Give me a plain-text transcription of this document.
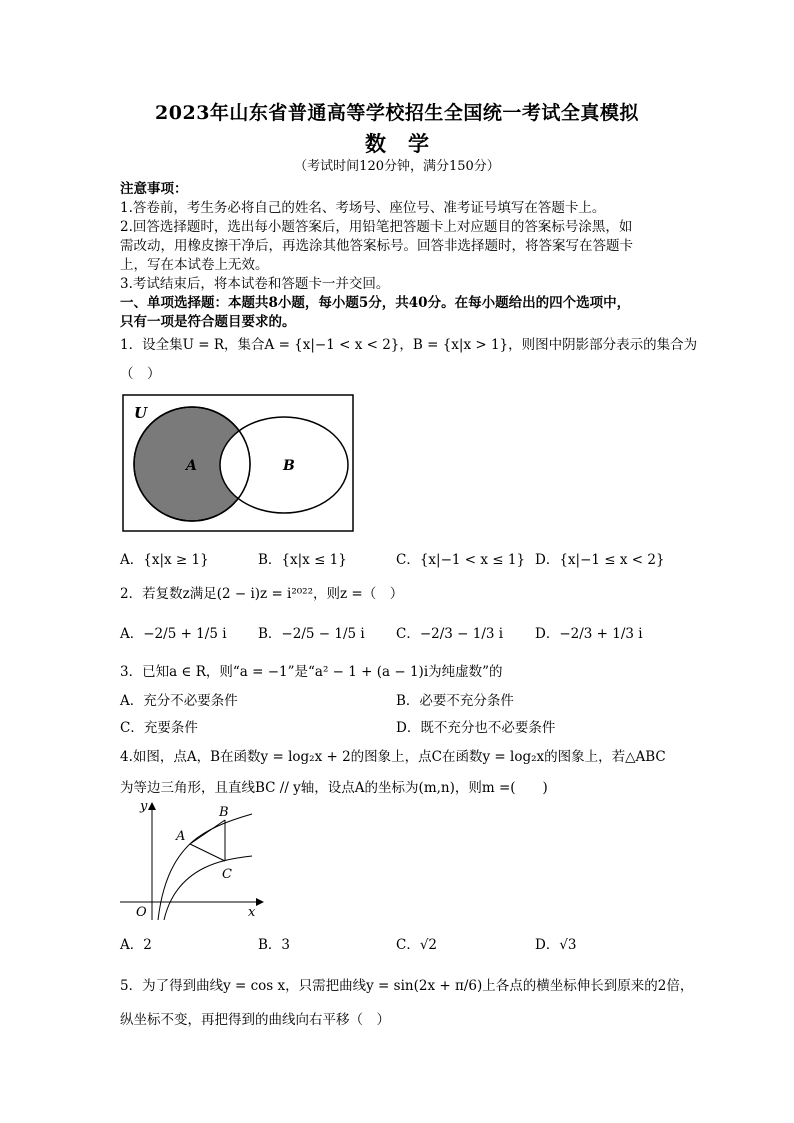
2023年山东省普通高等学校招生全国统一考试全真模拟
数学
（考试时间120分钟，满分150分）
注意事项：
1.答卷前，考生务必将自己的姓名、考场号、座位号、准考证号填写在答题卡上。
2.回答选择题时，选出每小题答案后，用铅笔把答题卡上对应题目的答案标号涂黑，如
需改动，用橡皮擦干净后，再选涂其他答案标号。回答非选择题时，将答案写在答题卡
上，写在本试卷上无效。
3.考试结束后，将本试卷和答题卡一并交回。
一、单项选择题：本题共8小题，每小题5分，共40分。在每小题给出的四个选项中，
只有一项是符合题目要求的。
1．设全集U = R，集合A = {x|−1 < x < 2}，B = {x|x > 1}，则图中阴影部分表示的集合为
（　）
U
A	B
A．{x|x ≥ 1}	B．{x|x ≤ 1}	C．{x|−1 < x ≤ 1} D．{x|−1 ≤ x < 2}
2．若复数z满足(2 − i)z = i²⁰²²，则z =（　）
A．−2/5 + 1/5 i B．−2/5 − 1/5 i C．−2/3 − 1/3 i D．−2/3 + 1/3 i
3．已知a ∈ R，则“a = −1”是“a² − 1 + (a − 1)i为纯虚数”的
A．充分不必要条件	B．必要不充分条件
C．充要条件	D．既不充分也不必要条件
4.如图，点A，B在函数y = log₂x + 2的图象上，点C在函数y = log₂x的图象上，若△ABC
为等边三角形，且直线BC // y轴，设点A的坐标为(m,n)，则m =(　　)
y
x
O
A
B
C
A．2	B．3	C．√2	D．√3
5．为了得到曲线y = cos x，只需把曲线y = sin(2x + π/6)上各点的横坐标伸长到原来的2倍，
纵坐标不变，再把得到的曲线向右平移（　）
